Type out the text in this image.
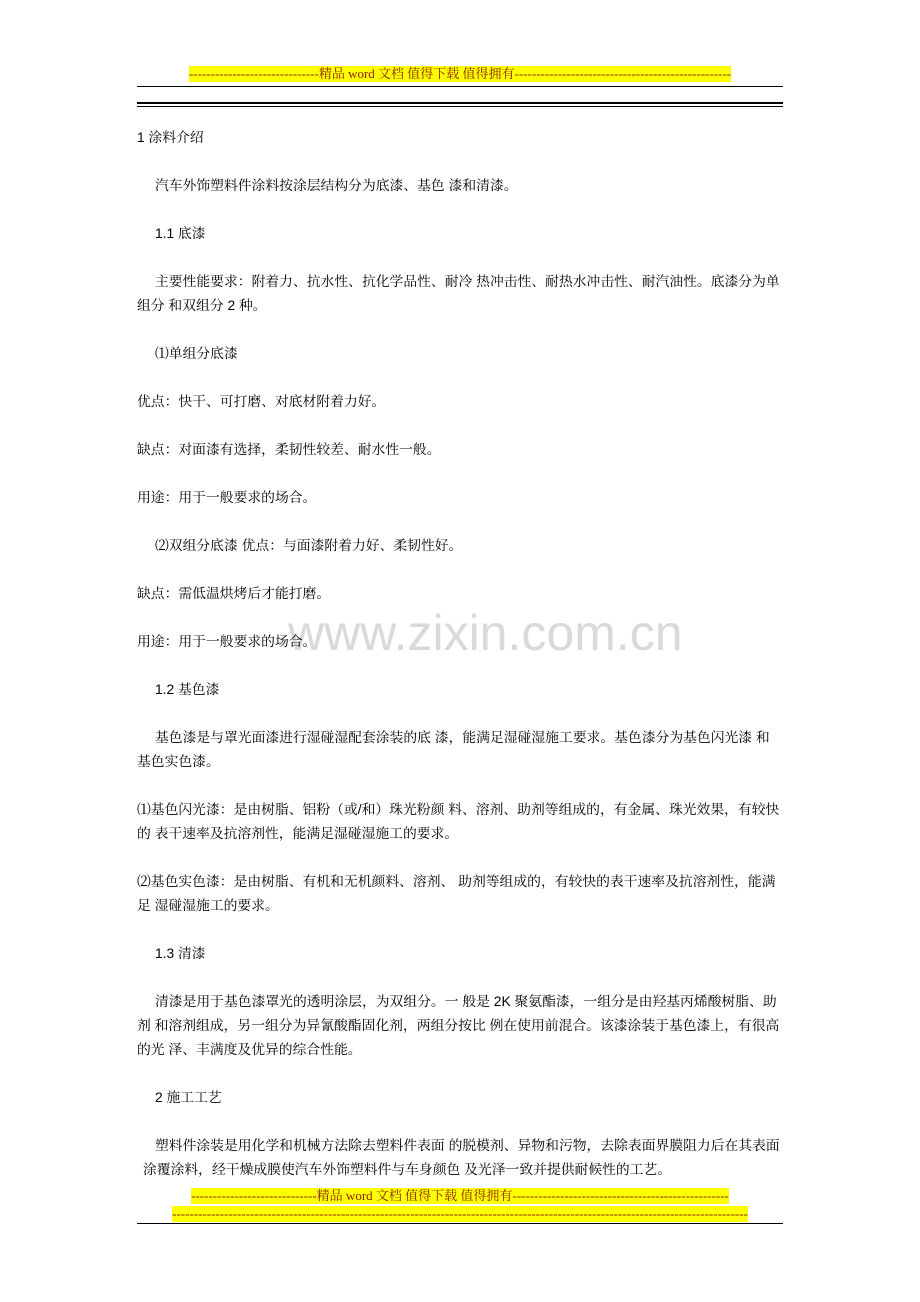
------------------------------精品 word 文档 值得下载 值得拥有--------------------------------------------------
www.zixin.com.cn
1 涂料介绍
汽车外饰塑料件涂料按涂层结构分为底漆、基色 漆和清漆。
1.1 底漆
主要性能要求：附着力、抗水性、抗化学品性、耐冷 热冲击性、耐热水冲击性、耐汽油性。底漆分为单
组分 和双组分 2 种。
⑴单组分底漆
优点：快干、可打磨、对底材附着力好。
缺点：对面漆有选择，柔韧性较差、耐水性一般。
用途：用于一般要求的场合。
⑵双组分底漆 优点：与面漆附着力好、柔韧性好。
缺点：需低温烘烤后才能打磨。
用途：用于一般要求的场合。
1.2 基色漆
基色漆是与罩光面漆进行湿碰湿配套涂装的底 漆，能满足湿碰湿施工要求。基色漆分为基色闪光漆 和
基色实色漆。
⑴基色闪光漆：是由树脂、铝粉（或/和）珠光粉颜 料、溶剂、助剂等组成的，有金属、珠光效果，有较快
的 表干速率及抗溶剂性，能满足湿碰湿施工的要求。
⑵基色实色漆：是由树脂、有机和无机颜料、溶剂、 助剂等组成的，有较快的表干速率及抗溶剂性，能满
足 湿碰湿施工的要求。
1.3 清漆
清漆是用于基色漆罩光的透明涂层，为双组分。一 般是 2K 聚氨酯漆，一组分是由羟基丙烯酸树脂、助
剂 和溶剂组成，另一组分为异氰酸酯固化剂，两组分按比 例在使用前混合。该漆涂装于基色漆上，有很高
的光 泽、丰满度及优异的综合性能。
2 施工工艺
塑料件涂装是用化学和机械方法除去塑料件表面 的脱模剂、异物和污物，去除表面界膜阻力后在其表面
涂覆涂料，经干燥成膜使汽车外饰塑料件与车身颜色 及光泽一致并提供耐候性的工艺。
-----------------------------精品 word 文档 值得下载 值得拥有--------------------------------------------------
-------------------------------------------------------------------------------------------------------------------------------------
